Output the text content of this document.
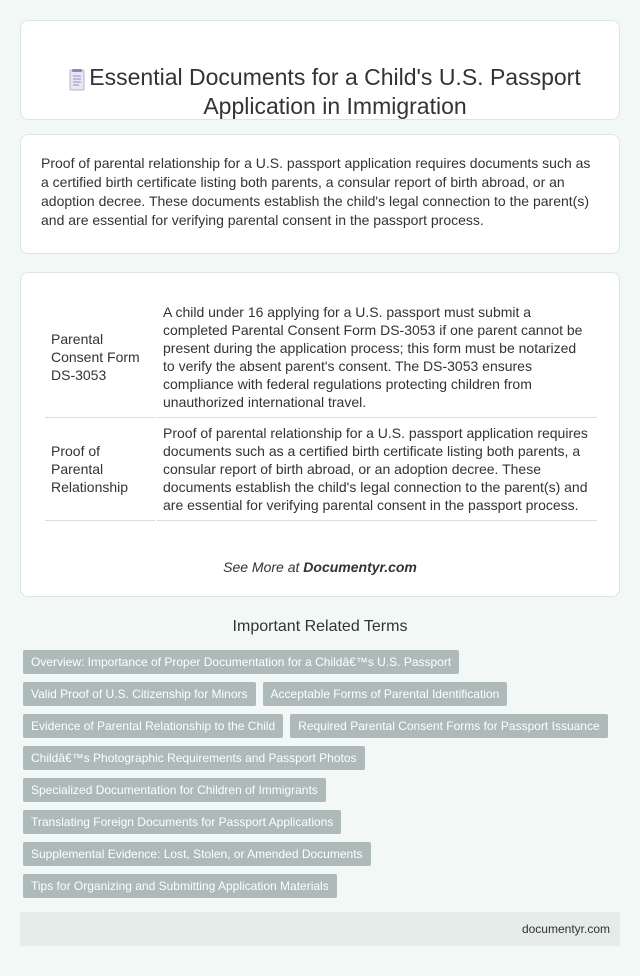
Essential Documents for a Child's U.S. Passport Application in Immigration

Proof of parental relationship for a U.S. passport application requires documents such as a certified birth certificate listing both parents, a consular report of birth abroad, or an adoption decree. These documents establish the child's legal connection to the parent(s) and are essential for verifying parental consent in the passport process.

Parental Consent Form DS-3053	A child under 16 applying for a U.S. passport must submit a completed Parental Consent Form DS-3053 if one parent cannot be present during the application process; this form must be notarized to verify the absent parent's consent. The DS-3053 ensures compliance with federal regulations protecting children from unauthorized international travel.
Proof of Parental Relationship	Proof of parental relationship for a U.S. passport application requires documents such as a certified birth certificate listing both parents, a consular report of birth abroad, or an adoption decree. These documents establish the child's legal connection to the parent(s) and are essential for verifying parental consent in the passport process.
See More at Documentyr.com
Important Related Terms
Overview: Importance of Proper Documentation for a Childâ€™s U.S. Passport
Valid Proof of U.S. Citizenship for Minors	Acceptable Forms of Parental Identification
Evidence of Parental Relationship to the Child	Required Parental Consent Forms for Passport Issuance
Childâ€™s Photographic Requirements and Passport Photos
Specialized Documentation for Children of Immigrants
Translating Foreign Documents for Passport Applications
Supplemental Evidence: Lost, Stolen, or Amended Documents
Tips for Organizing and Submitting Application Materials
documentyr.com
